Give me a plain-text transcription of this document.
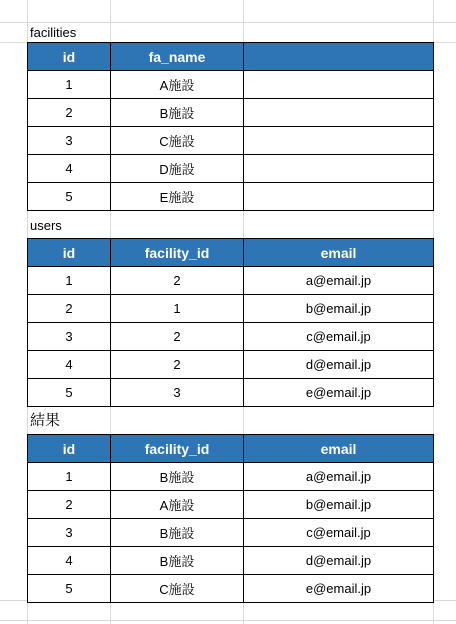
facilities
id	fa_name	
1	A施設	
2	B施設	
3	C施設	
4	D施設	
5	E施設	
users
id	facility_id	email
1	2	a@email.jp
2	1	b@email.jp
3	2	c@email.jp
4	2	d@email.jp
5	3	e@email.jp
結果
id	facility_id	email
1	B施設	a@email.jp
2	A施設	b@email.jp
3	B施設	c@email.jp
4	B施設	d@email.jp
5	C施設	e@email.jp
